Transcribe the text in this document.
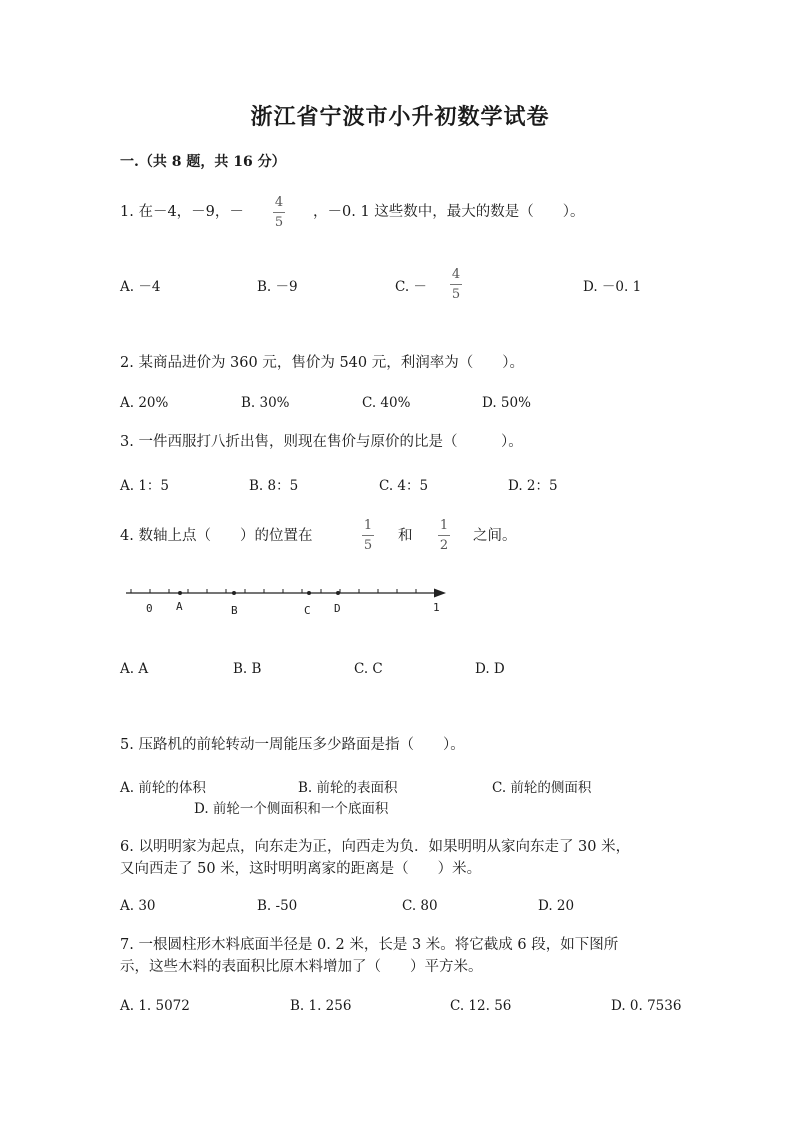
浙江省宁波市小升初数学试卷
一.（共 8 题，共 16 分）
1. 在－4，－9，－
4
5
，－0. 1 这些数中，最大的数是（　　）。
A. －4	B. －9	C. －
4
5	D. －0. 1
2. 某商品进价为 360 元，售价为 540 元，利润率为（　　）。
A. 20%	B. 30%	C. 40%	D. 50%
3. 一件西服打八折出售，则现在售价与原价的比是（　　　）。
A. 1：5	B. 8：5	C. 4：5	D. 2：5
4. 数轴上点（　　）的位置在
1
5
和
1
2
之间。
0 A	B	C D	1
A. A	B. B	C. C	D. D
5. 压路机的前轮转动一周能压多少路面是指（　　）。
A. 前轮的体积	B. 前轮的表面积	C. 前轮的侧面积
D. 前轮一个侧面积和一个底面积
6. 以明明家为起点，向东走为正，向西走为负．如果明明从家向东走了 30 米，
又向西走了 50 米，这时明明离家的距离是（　　）米。
A. 30	B. -50	C. 80	D. 20
7. 一根圆柱形木料底面半径是 0. 2 米，长是 3 米。将它截成 6 段，如下图所
示，这些木料的表面积比原木料增加了（　　）平方米。
A. 1. 5072	B. 1. 256	C. 12. 56	D. 0. 7536
